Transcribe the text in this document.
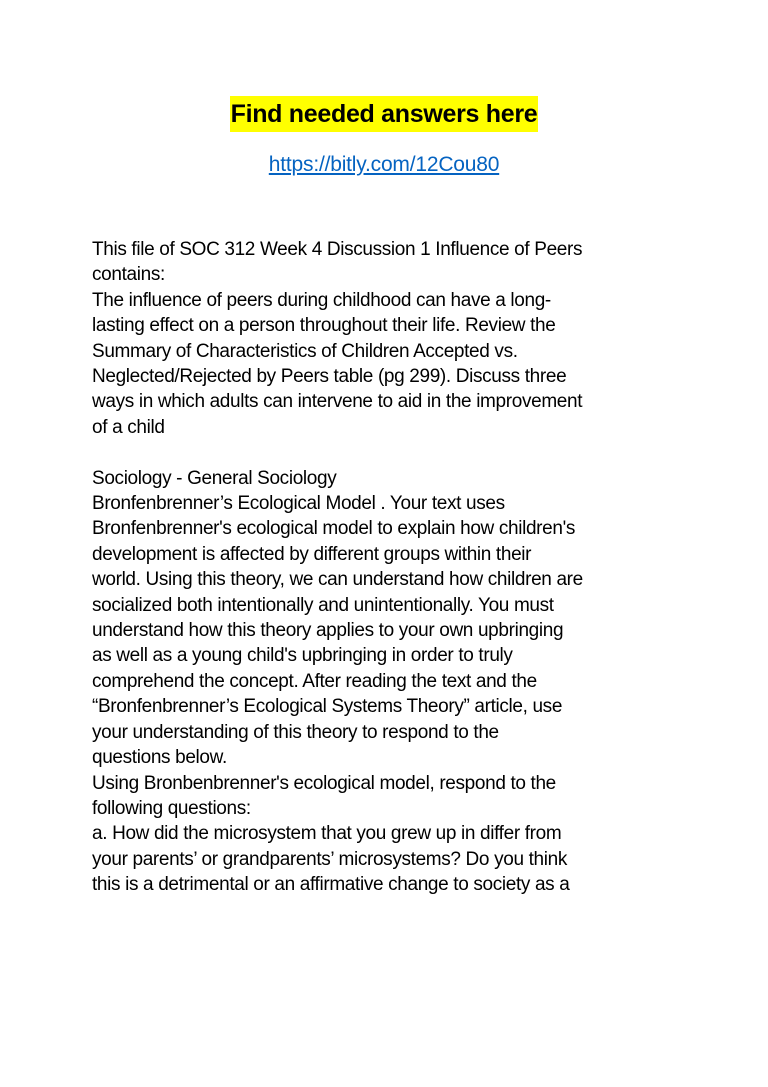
Find needed answers here
https://bitly.com/12Cou80

This file of SOC 312 Week 4 Discussion 1 Influence of Peers

contains:

The influence of peers during childhood can have a long-

lasting effect on a person throughout their life. Review the

Summary of Characteristics of Children Accepted vs.

Neglected/Rejected by Peers table (pg 299). Discuss three

ways in which adults can intervene to aid in the improvement

of a child

Sociology - General Sociology

Bronfenbrenner’s Ecological Model . Your text uses

Bronfenbrenner's ecological model to explain how children's

development is affected by different groups within their

world. Using this theory, we can understand how children are

socialized both intentionally and unintentionally. You must

understand how this theory applies to your own upbringing

as well as a young child's upbringing in order to truly

comprehend the concept. After reading the text and the

“Bronfenbrenner’s Ecological Systems Theory” article, use

your understanding of this theory to respond to the

questions below.

Using Bronbenbrenner's ecological model, respond to the

following questions:

a. How did the microsystem that you grew up in differ from

your parents’ or grandparents’ microsystems? Do you think

this is a detrimental or an affirmative change to society as a
